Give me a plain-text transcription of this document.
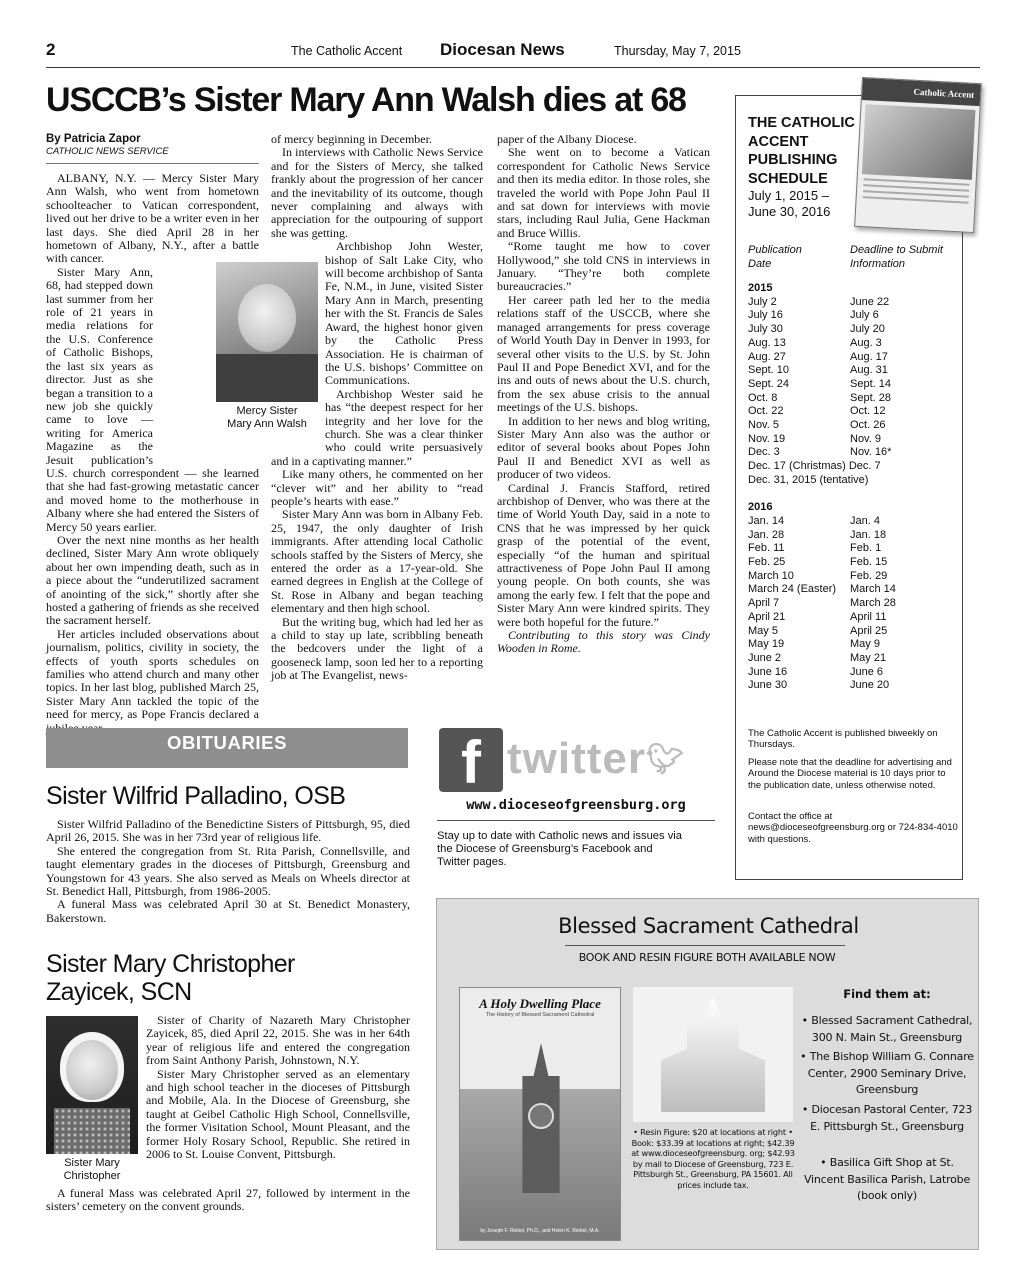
2	The Catholic Accent Diocesan News	Thursday, May 7, 2015
USCCB’s Sister Mary Ann Walsh dies at 68
By Patricia Zapor
CATHOLIC NEWS SERVICE

ALBANY, N.Y. — Mercy Sister Mary Ann Walsh, who went from hometown schoolteacher to Vatican correspondent, lived out her drive to be a writer even in her last days. She died April 28 in her hometown of Albany, N.Y., after a battle with cancer.

Sister Mary Ann, 68, had stepped down last summer from her role of 21 years in media relations for the U.S. Conference of Catholic Bishops, the last six years as director. Just as she began a transition to a new job she quickly came to love — writing for America Magazine as the Jesuit publication’s U.S. church correspondent — she learned that she had fast-growing metastatic cancer and moved home to the motherhouse in Albany where she had entered the Sisters of Mercy 50 years earlier.

Over the next nine months as her health declined, Sister Mary Ann wrote obliquely about her own impending death, such as in a piece about the “underutilized sacrament of anointing of the sick,” shortly after she hosted a gathering of friends as she received the sacrament herself.

Her articles included observations about journalism, politics, civility in society, the effects of youth sports schedules on families who attend church and many other topics. In her last blog, published March 25, Sister Mary Ann tackled the topic of the need for mercy, as Pope Francis declared a

Mercy Sister
Mary Ann Walsh

of mercy beginning in December.

In interviews with Catholic News Service and for the Sisters of Mercy, she talked frankly about the progression of her cancer and the inevitability of its outcome, though never complaining and always with appreciation for the outpouring of support she was getting.

Archbishop John Wester, bishop of Salt Lake City, who will become archbishop of Santa Fe, N.M., in June, visited Sister Mary Ann in March, presenting her with the St. Francis de Sales Award, the highest honor given by the Catholic Press Association. He is chairman of the U.S. bishops’ Committee on Communications.

Archbishop Wester said he has “the deepest respect for her integrity and her love for the church. She was a clear thinker who could write persuasively and in a captivating manner.”

Like many others, he commented on her “clever wit” and her ability to “read people’s hearts with ease.”

Sister Mary Ann was born in Albany Feb. 25, 1947, the only daughter of Irish immigrants. After attending local Catholic schools staffed by the Sisters of Mercy, she entered the order as a 17-year-old. She earned degrees in English at the College of St. Rose in Albany and began teaching elementary and then high school.

But the writing bug, which had led her as a child to stay up late, scribbling beneath the bedcovers under the light of a gooseneck lamp, soon led her to a reporting job at The Evangelist, news-

paper of the Albany Diocese.

She went on to become a Vatican correspondent for Catholic News Service and then its media editor. In those roles, she traveled the world with Pope John Paul II and sat down for interviews with movie stars, including Raul Julia, Gene Hackman and Bruce Willis.

“Rome taught me how to cover Hollywood,” she told CNS in interviews in January. “They’re both complete bureaucracies.”

Her career path led her to the media relations staff of the USCCB, where she managed arrangements for press coverage of World Youth Day in Denver in 1993, for several other visits to the U.S. by St. John Paul II and Pope Benedict XVI, and for the ins and outs of news about the U.S. church, from the sex abuse crisis to the annual meetings of the U.S. bishops.

In addition to her news and blog writing, Sister Mary Ann also was the author or editor of several books about Popes John Paul II and Benedict XVI as well as producer of two videos.

Cardinal J. Francis Stafford, retired archbishop of Denver, who was there at the time of World Youth Day, said in a note to CNS that he was impressed by her quick grasp of the potential of the event, especially “of the human and spiritual attractiveness of Pope John Paul II among young people. On both counts, she was among the early few. I felt that the pope and Sister Mary Ann were kindred spirits. They were both hopeful for the future.”

Contributing to this story was Cindy Wooden in Rome.

THE CATHOLIC
ACCENT
PUBLISHING
SCHEDULE
July 1, 2015 –
June 30, 2016
Publication
Date
Deadline to Submit
Information
2015
July 2	June 22
July 16	July 6
July 30	July 20
Aug. 13	Aug. 3
Aug. 27	Aug. 17
Sept. 10	Aug. 31
Sept. 24	Sept. 14
Oct. 8	Sept. 28
Oct. 22	Oct. 12
Nov. 5	Oct. 26
Nov. 19	Nov. 9
Dec. 3	Nov. 16*
Dec. 17 (Christmas) Dec. 7
Dec. 31, 2015 (tentative)
2016
Jan. 14	Jan. 4
Jan. 28	Jan. 18
Feb. 11	Feb. 1
Feb. 25	Feb. 15
March 10	Feb. 29
March 24 (Easter) March 14
April 7	March 28
April 21	April 11
May 5	April 25
May 19	May 9
June 2	May 21
June 16	June 6
June 30	June 20
The Catholic Accent is published biweekly on Thursdays.
Please note that the deadline for advertising and Around the Diocese material is 10 days prior to the publication date, unless otherwise noted.
Contact the office at news@dioceseofgreensburg.org or 724-834-4010 with questions.
Catholic Accent
OBITUARIES
Sister Wilfrid Palladino, OSB

Sister Wilfrid Palladino of the Benedictine Sisters of Pittsburgh, 95, died April 26, 2015. She was in her 73rd year of religious life.

She entered the congregation from St. Rita Parish, Connellsville, and taught elementary grades in the dioceses of Pittsburgh, Greensburg and Youngstown for 43 years. She also served as Meals on Wheels director at St. Benedict Hall, Pittsburgh, from 1986-2005.

A funeral Mass was celebrated April 30 at St. Benedict Monastery, Bakerstown.

Sister Mary Christopher
Zayicek, SCN
Sister Mary
Christopher

Sister of Charity of Nazareth Mary Christopher Zayicek, 85, died April 22, 2015. She was in her 64th year of religious life and entered the congregation from Saint Anthony Parish, Johnstown, N.Y.

Sister Mary Christopher served as an elementary and high school teacher in the dioceses of Pittsburgh and Mobile, Ala. In the Diocese of Greensburg, she taught at Geibel Catholic High School, Connellsville, the former Visitation School, Mount Pleasant, and the former Holy Rosary School, Republic. She retired in 2006 to St. Louise Convent, Pittsburgh.

A funeral Mass was celebrated April 27, followed by interment in the sisters’ cemetery on the convent grounds.

f twitter🐦︎
www.dioceseofgreensburg.org
Stay up to date with Catholic news and issues via the Diocese of Greensburg’s Facebook and Twitter pages.
Blessed Sacrament Cathedral
BOOK AND RESIN FIGURE BOTH AVAILABLE NOW
A Holy Dwelling Place
The History of Blessed Sacrament Cathedral
by Joseph F. Riebel, Ph.D., and Helen K. Riebel, M.A.
• Resin Figure: $20 at locations at right • Book: $33.39 at locations at right; $42.39 at www.dioceseofgreensburg. org; $42.93 by mail to Diocese of Greensburg, 723 E. Pittsburgh St., Greensburg, PA 15601. All prices include tax.
Find them at:
• Blessed Sacrament Cathedral, 300 N. Main St., Greensburg
• The Bishop William G. Connare Center, 2900 Seminary Drive, Greensburg
• Diocesan Pastoral Center, 723 E. Pittsburgh St., Greensburg
• Basilica Gift Shop at St. Vincent Basilica Parish, Latrobe (book only)
